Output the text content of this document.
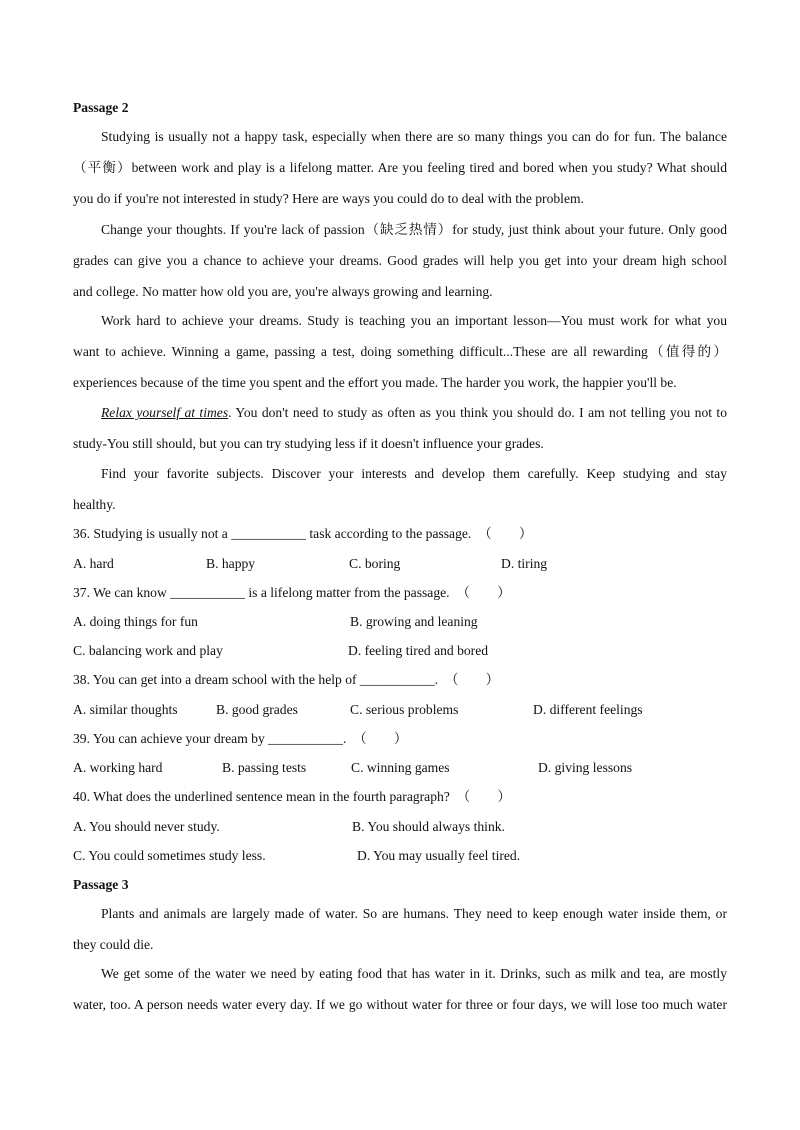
Passage 2
Studying is usually not a happy task, especially when there are so many things you can do for fun. The balance
（平衡）between work and play is a lifelong matter. Are you feeling tired and bored when you study? What should
you do if you're not interested in study? Here are ways you could do to deal with the problem.
Change your thoughts. If you're lack of passion（缺乏热情）for study, just think about your future. Only good
grades can give you a chance to achieve your dreams. Good grades will help you get into your dream high school
and college. No matter how old you are, you're always growing and learning.
Work hard to achieve your dreams. Study is teaching you an important lesson—You must work for what you
want to achieve. Winning a game, passing a test, doing something difficult...These are all rewarding（值得的）
experiences because of the time you spent and the effort you made. The harder you work, the happier you'll be.
Relax yourself at times. You don't need to study as often as you think you should do. I am not telling you not to
study-You still should, but you can try studying less if it doesn't influence your grades.
Find your favorite subjects. Discover your interests and develop them carefully. Keep studying and stay
healthy.
36. Studying is usually not a ___________ task according to the passage.　（　　）
A. hard	B. happy	C. boring	D. tiring
37. We can know ___________ is a lifelong matter from the passage.　（　　）
A. doing things for fun	B. growing and leaning
C. balancing work and play	D. feeling tired and bored
38. You can get into a dream school with the help of ___________.　（　　）
A. similar thoughts	B. good grades	C. serious problems	D. different feelings
39. You can achieve your dream by ___________.　（　　）
A. working hard	B. passing tests	C. winning games	D. giving lessons
40. What does the underlined sentence mean in the fourth paragraph?　（　　）
A. You should never study.	B. You should always think.
C. You could sometimes study less.	D. You may usually feel tired.
Passage 3
Plants and animals are largely made of water. So are humans. They need to keep enough water inside them, or
they could die.
We get some of the water we need by eating food that has water in it. Drinks, such as milk and tea, are mostly
water, too. A person needs water every day. If we go without water for three or four days, we will lose too much water
